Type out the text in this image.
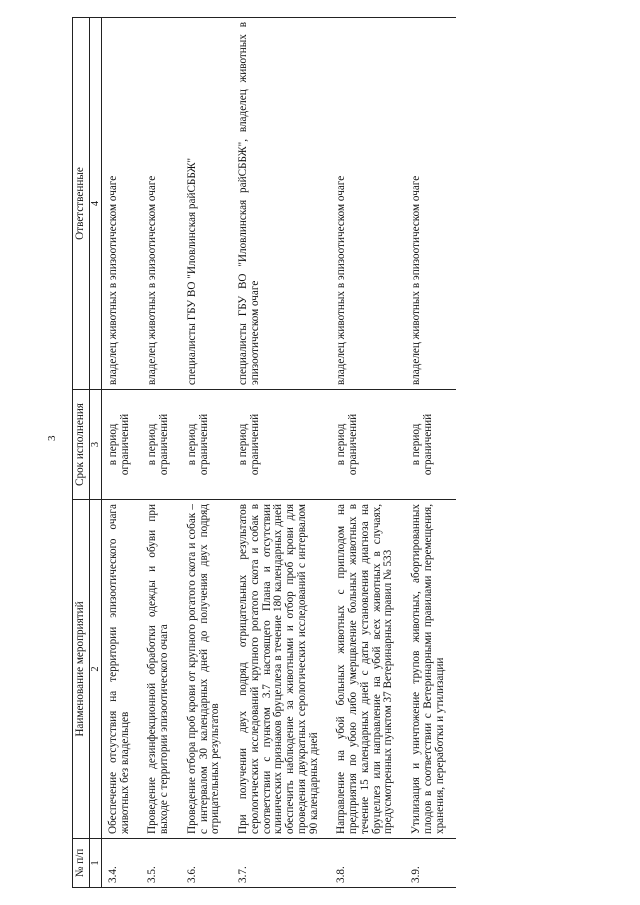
3
№ п/п	Наименование мероприятий	Срок исполнения	Ответственные
1	2	3	4
3.4.	Обеспечение отсутствия на территории эпизоотического очага животных без владельцев	в период ограничений	владелец животных в эпизоотическом очаге
3.5.	Проведение дезинфекционной обработки одежды и обуви при выходе с территории эпизоотического очага	в период ограничений	владелец животных в эпизоотическом очаге
3.6.	Проведение отбора проб крови от крупного рогатого скота и собак – с интервалом 30 календарных дней до получения двух подряд отрицательных результатов	в период ограничений	специалисты ГБУ ВО "Иловлинская райСББЖ"
3.7.	При получении двух подряд отрицательных результатов серологических исследований крупного рогатого скота и собак в соответствии с пунктом 3.7 настоящего Плана и отсутствии клинических признаков бруцеллеза в течение 180 календарных дней обеспечить наблюдение за животными и отбор проб крови для проведения двукратных серологических исследований с интервалом 90 календарных дней	в период ограничений	специалисты ГБУ ВО "Иловлинская райСББЖ", владелец животных в эпизоотическом очаге
3.8.	Направление на убой больных животных с приплодом на предприятия по убою либо умерщвление больных животных в течение 15 календарных дней с даты установления диагноза на бруцеллез или направление на убой всех животных в случаях, предусмотренных пунктом 37 Ветеринарных правил № 533	в период ограничений	владелец животных в эпизоотическом очаге
3.9.	Утилизация и уничтожение трупов животных, абортированных плодов в соответствии с Ветеринарными правилами перемещения, хранения, переработки и утилизации	в период ограничений	владелец животных в эпизоотическом очаге
